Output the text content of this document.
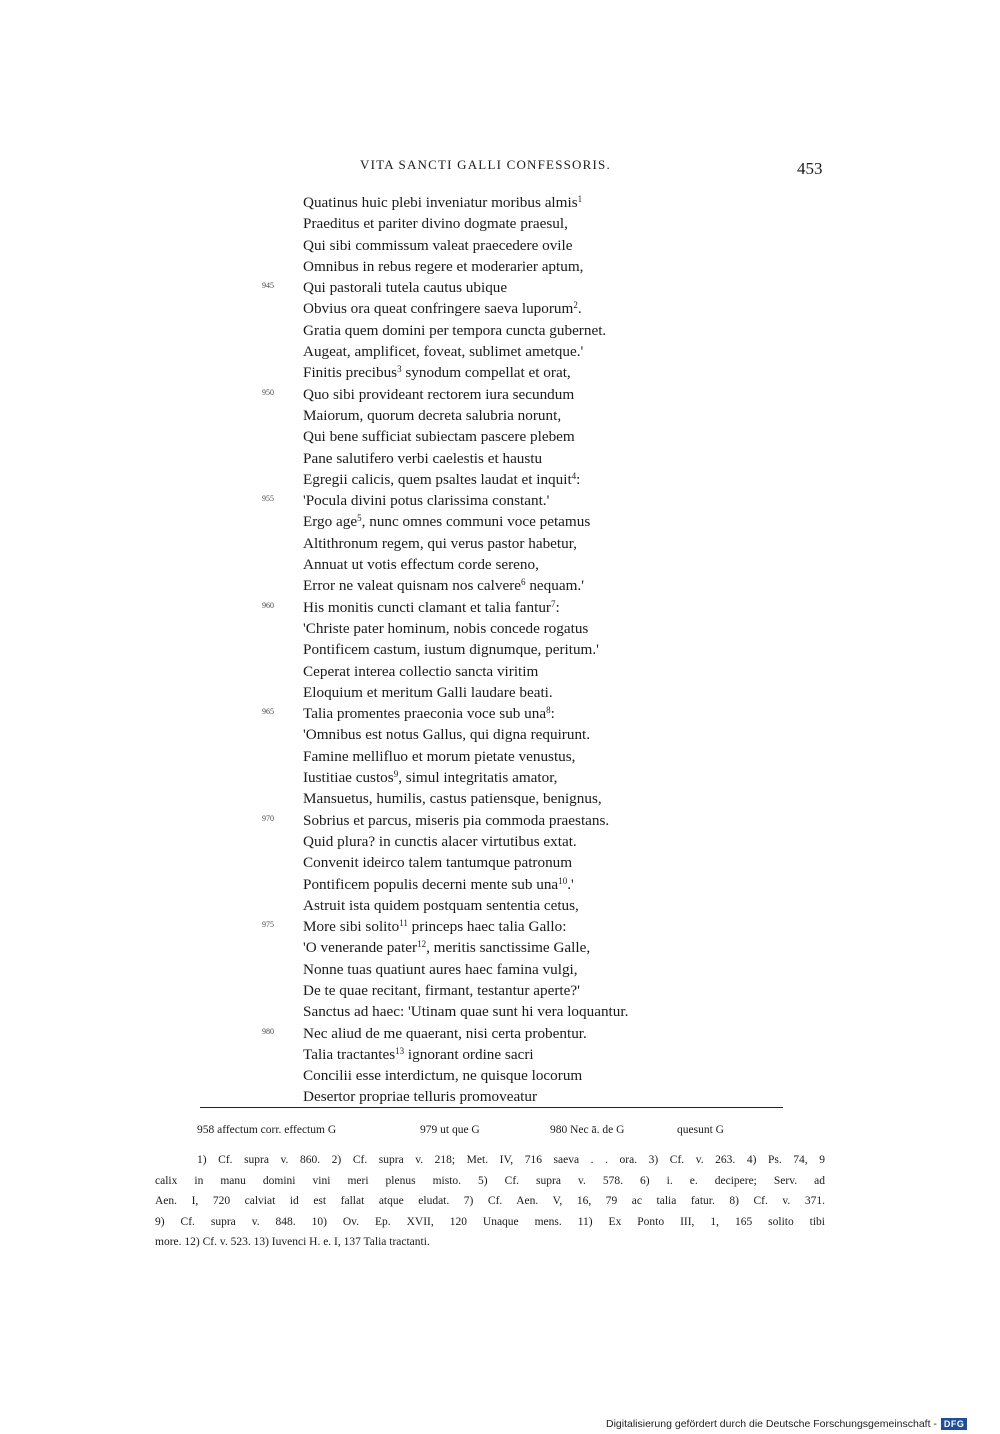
VITA SANCTI GALLI CONFESSORIS.	453
Quatinus huic plebi inveniatur moribus almis$^1$
Praeditus et pariter divino dogmate praesul,
Qui sibi commissum valeat praecedere ovile
Omnibus in rebus regere et moderarier aptum,
945	Qui pastorali tutela cautus ubique
Obvius ora queat confringere saeva luporum$^2$.
Gratia quem domini per tempora cuncta gubernet.
Augeat, amplificet, foveat, sublimet ametque.'
Finitis precibus$^3$ synodum compellat et orat,
950	Quo sibi provideant rectorem iura secundum
Maiorum, quorum decreta salubria norunt,
Qui bene sufficiat subiectam pascere plebem
Pane salutifero verbi caelestis et haustu
Egregii calicis, quem psaltes laudat et inquit$^4$:
955	'Pocula divini potus clarissima constant.'
Ergo age$^5$, nunc omnes communi voce petamus
Altithronum regem, qui verus pastor habetur,
Annuat ut votis effectum corde sereno,
Error ne valeat quisnam nos calvere$^6$ nequam.'
960	His monitis cuncti clamant et talia fantur$^7$:
'Christe pater hominum, nobis concede rogatus
Pontificem castum, iustum dignumque, peritum.'
Ceperat interea collectio sancta viritim
Eloquium et meritum Galli laudare beati.
965	Talia promentes praeconia voce sub una$^8$:
'Omnibus est notus Gallus, qui digna requirunt.
Famine mellifluo et morum pietate venustus,
Iustitiae custos$^9$, simul integritatis amator,
Mansuetus, humilis, castus patiensque, benignus,
970	Sobrius et parcus, miseris pia commoda praestans.
Quid plura? in cunctis alacer virtutibus extat.
Convenit ideirco talem tantumque patronum
Pontificem populis decerni mente sub una$^{10}$.'
Astruit ista quidem postquam sententia cetus,
975	More sibi solito$^{11}$ princeps haec talia Gallo:
'O venerande pater$^{12}$, meritis sanctissime Galle,
Nonne tuas quatiunt aures haec famina vulgi,
De te quae recitant, firmant, testantur aperte?'
Sanctus ad haec: 'Utinam quae sunt hi vera loquantur.
980	Nec aliud de me quaerant, nisi certa probentur.
Talia tractantes$^{13}$ ignorant ordine sacri
Concilii esse interdictum, ne quisque locorum
Desertor propriae telluris promoveatur
958 affectum corr. effectum G	979 ut que G	980 Nec ā. de G	quesunt G
1) Cf. supra v. 860. 2) Cf. supra v. 218; Met. IV, 716 saeva . . ora. 3) Cf. v. 263. 4) Ps. 74, 9
calix in manu domini vini meri plenus misto. 5) Cf. supra v. 578. 6) i. e. decipere; Serv. ad
Aen. I, 720 calviat id est fallat atque eludat. 7) Cf. Aen. V, 16, 79 ac talia fatur. 8) Cf. v. 371.
9) Cf. supra v. 848. 10) Ov. Ep. XVII, 120 Unaque mens. 11) Ex Ponto III, 1, 165 solito tibi
more. 12) Cf. v. 523. 13) Iuvenci H. e. I, 137 Talia tractanti.
Digitalisierung gefördert durch die Deutsche Forschungsgemeinschaft - DFG
